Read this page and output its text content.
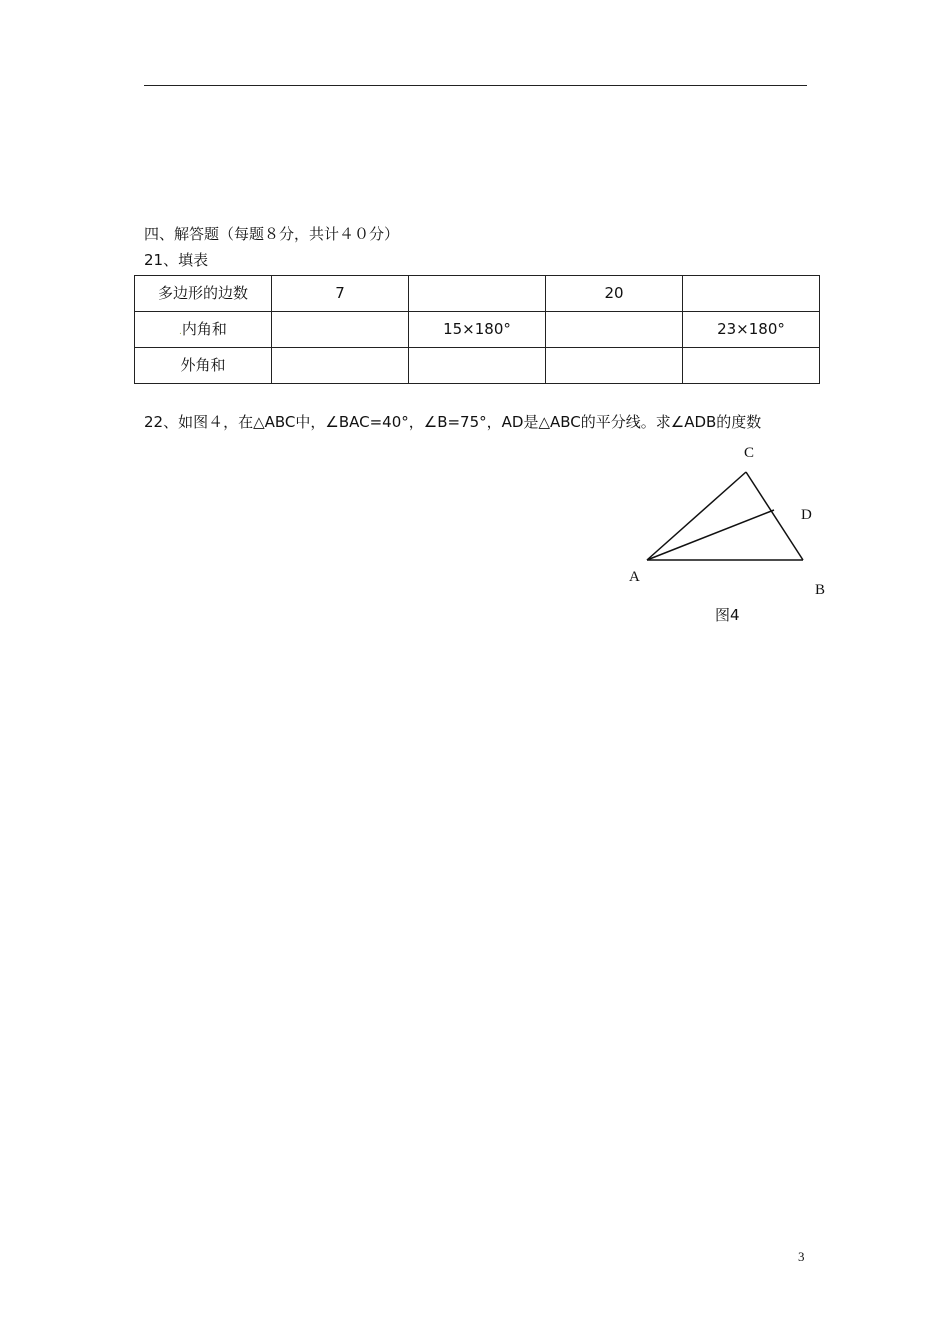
四、解答题（每题８分，共计４０分）
21、填表
多边形的边数	7		20	
.内角和		15×180°		23×180°
外角和				
22、如图４，在△ABC中，∠BAC=40°，∠B=75°，AD是△ABC的平分线。求∠ADB的度数
C
D
A
B
图4
3
